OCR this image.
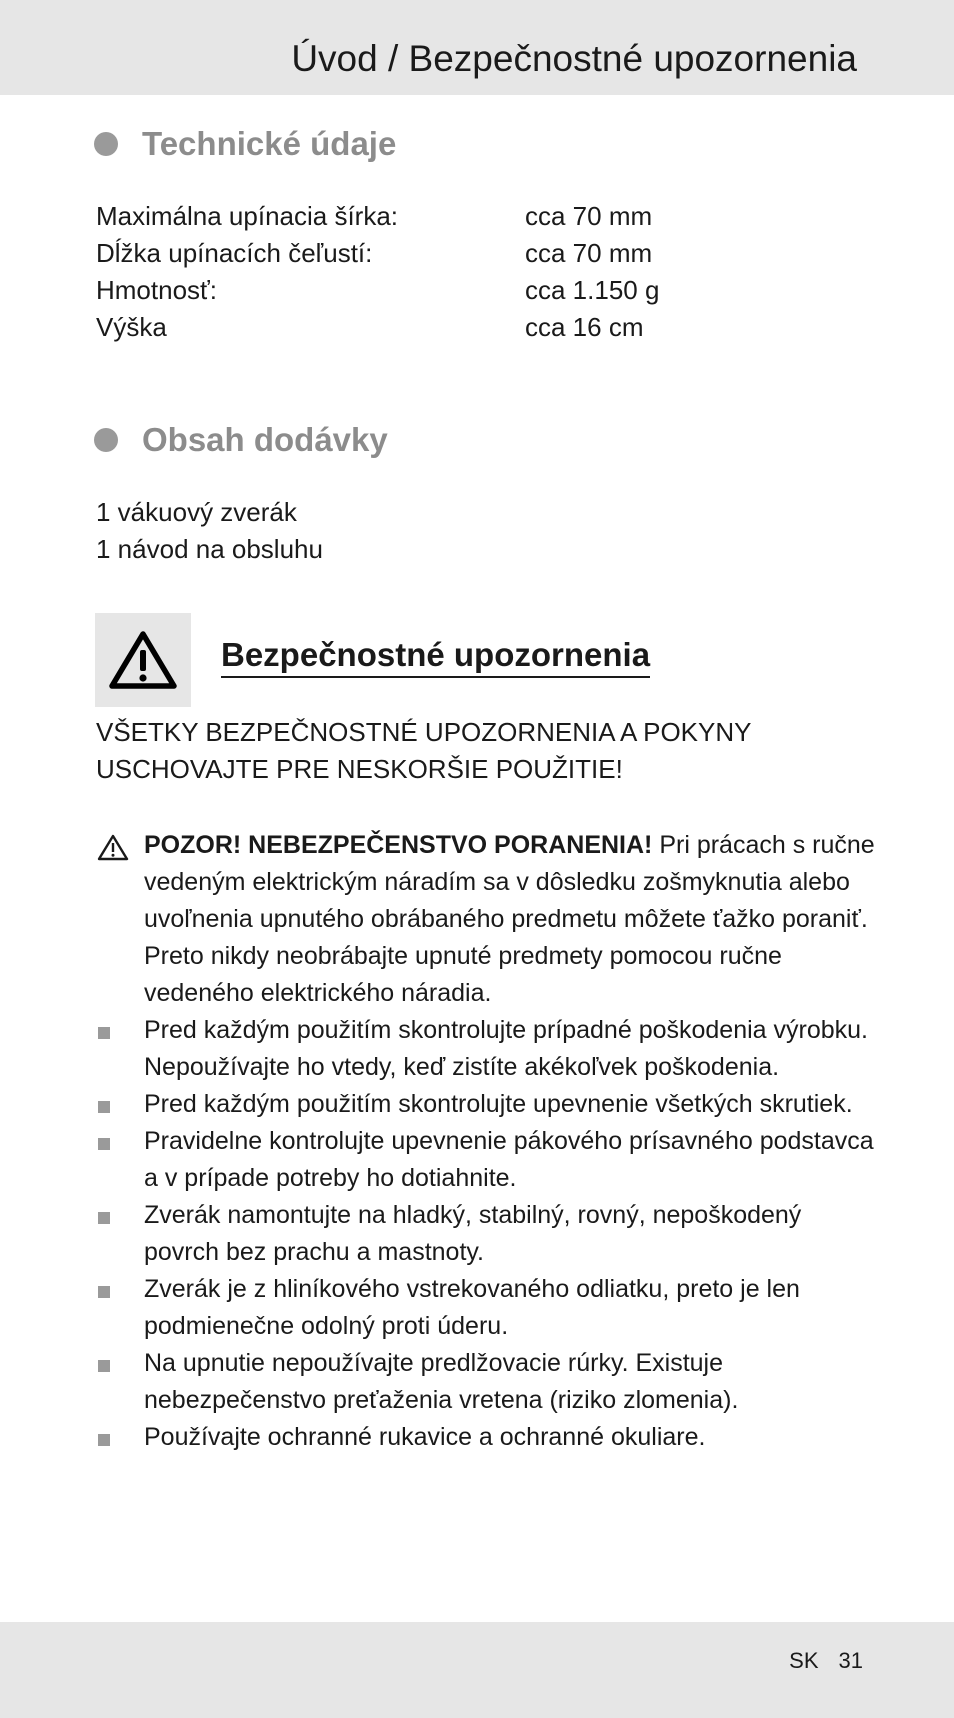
Úvod / Bezpečnostné upozornenia
Technické údaje
Maximálna upínacia šírka:	cca 70 mm
Dĺžka upínacích čeľustí:	cca 70 mm
Hmotnosť:	cca 1.150 g
Výška	cca 16 cm
Obsah dodávky
1 vákuový zverák
1 návod na obsluhu
Bezpečnostné upozornenia
VŠETKY BEZPEČNOSTNÉ UPOZORNENIA A POKYNY USCHOVAJTE PRE NESKORŠIE POUŽITIE!
POZOR! NEBEZPEČENSTVO PORANENIA! Pri prácach s ručne vedeným elektrickým náradím sa v dôsledku zošmyknutia alebo uvoľnenia upnutého obrábaného predmetu môžete ťažko poraniť. Preto nikdy neobrábajte upnuté predmety pomocou ručne vedeného elektrického náradia.
Pred každým použitím skontrolujte prípadné poškodenia výrobku. Nepoužívajte ho vtedy, keď zistíte akékoľvek poškodenia.
Pred každým použitím skontrolujte upevnenie všetkých skrutiek.
Pravidelne kontrolujte upevnenie pákového prísavného podstavca a v prípade potreby ho dotiahnite.
Zverák namontujte na hladký, stabilný, rovný, nepoškodený povrch bez prachu a mastnoty.
Zverák je z hliníkového vstrekovaného odliatku, preto je len podmienečne odolný proti úderu.
Na upnutie nepoužívajte predlžovacie rúrky. Existuje nebezpečenstvo preťaženia vretena (riziko zlomenia).
Používajte ochranné rukavice a ochranné okuliare.
SK 31
